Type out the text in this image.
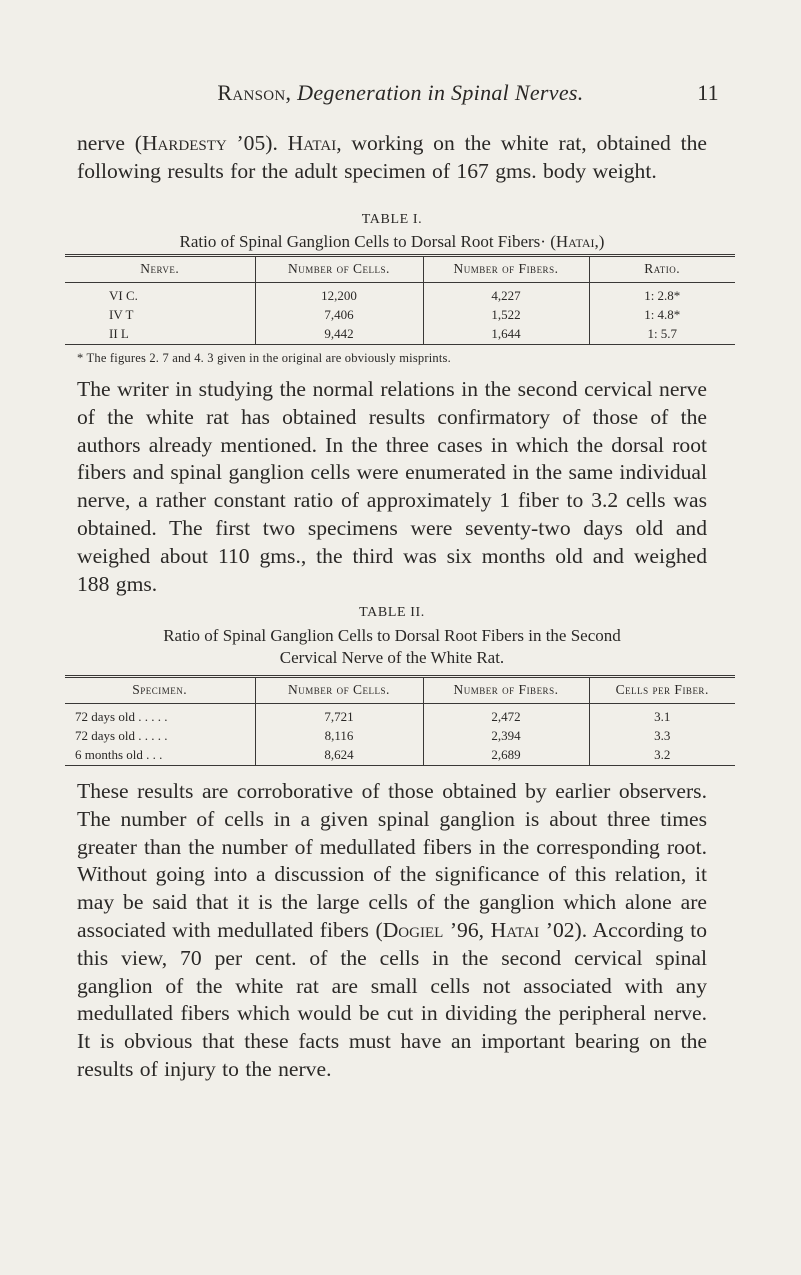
Ranson, Degeneration in Spinal Nerves.	11
nerve (Hardesty ’05). Hatai, working on the white rat, obtained the following results for the adult specimen of 167 gms. body weight.
TABLE I.
Ratio of Spinal Ganglion Cells to Dorsal Root Fibers· (Hatai,)
Nerve.	Number of Cells.	Number of Fibers.	Ratio.
VI C.	12,200	4,227	1: 2.8*
IV T	7,406	1,522	1: 4.8*
II L	9,442	1,644	1: 5.7
* The figures 2. 7 and 4. 3 given in the original are obviously misprints.
The writer in studying the normal relations in the second cervical nerve of the white rat has obtained results confirmatory of those of the authors already mentioned. In the three cases in which the dorsal root fibers and spinal ganglion cells were enumerated in the same individual nerve, a rather constant ratio of approximately 1 fiber to 3.2 cells was obtained. The first two specimens were seventy-two days old and weighed about 110 gms., the third was six months old and weighed 188 gms.
TABLE II.
Ratio of Spinal Ganglion Cells to Dorsal Root Fibers in the Second
Cervical Nerve of the White Rat.
Specimen.	Number of Cells.	Number of Fibers.	Cells per Fiber.
72 days old . . . . .	7,721	2,472	3.1
72 days old . . . . .	8,116	2,394	3.3
6 months old . . .	8,624	2,689	3.2
These results are corroborative of those obtained by earlier observers. The number of cells in a given spinal ganglion is about three times greater than the number of medullated fibers in the corresponding root. Without going into a discussion of the significance of this relation, it may be said that it is the large cells of the ganglion which alone are associated with medullated fibers (Dogiel ’96, Hatai ’02). According to this view, 70 per cent. of the cells in the second cervical spinal ganglion of the white rat are small cells not associated with any medullated fibers which would be cut in dividing the peripheral nerve. It is obvious that these facts must have an important bearing on the results of injury to the nerve.
